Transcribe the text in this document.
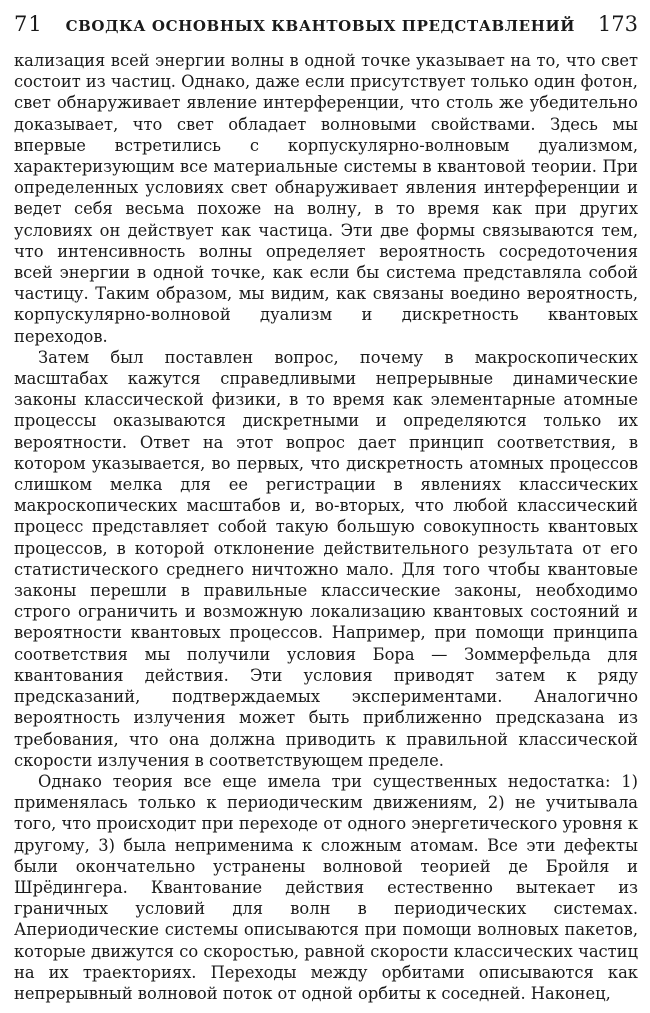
71 СВОДКА ОСНОВНЫХ КВАНТОВЫХ ПРЕДСТАВЛЕНИЙ 173

кализация всей энергии волны в одной точке указывает на то, что свет состоит из частиц. Однако, даже если присутствует только один фотон, свет обнаруживает явление интерференции, что столь же убедительно доказывает, что свет обладает волновыми свойствами. Здесь мы впервые встретились с корпускулярно-волновым дуализмом, характеризующим все материальные системы в квантовой теории. При определенных условиях свет обнаруживает явления интерференции и ведет себя весьма похоже на волну, в то время как при других условиях он действует как частица. Эти две формы связываются тем, что интенсивность волны определяет вероятность сосредоточения всей энергии в одной точке, как если бы система представляла собой частицу. Таким образом, мы видим, как связаны воедино вероятность, корпускулярно-волновой дуализм и дискретность квантовых переходов.

Затем был поставлен вопрос, почему в макроскопических масштабах кажутся справедливыми непрерывные динамические законы классической физики, в то время как элементарные атомные процессы оказываются дискретными и определяются только их вероятности. Ответ на этот вопрос дает принцип соответствия, в котором указывается, во первых, что дискретность атомных процессов слишком мелка для ее регистрации в явлениях классических макроскопических масштабов и, во-вторых, что любой классический процесс представляет собой такую большую совокупность квантовых процессов, в которой отклонение действительного результата от его статистического среднего ничтожно мало. Для того чтобы квантовые законы перешли в правильные классические законы, необходимо строго ограничить и возможную локализацию квантовых состояний и вероятности квантовых процессов. Например, при помощи принципа соответствия мы получили условия Бора — Зоммерфельда для квантования действия. Эти условия приводят затем к ряду предсказаний, подтверждаемых экспериментами. Аналогично вероятность излучения может быть приближенно предсказана из требования, что она должна приводить к правильной классической скорости излучения в соответствующем пределе.

Однако теория все еще имела три существенных недостатка: 1) применялась только к периодическим движениям, 2) не учитывала того, что происходит при переходе от одного энергетического уровня к другому, 3) была неприменима к сложным атомам. Все эти дефекты были окончательно устранены волновой теорией де Бройля и Шрёдингера. Квантование действия естественно вытекает из граничных условий для волн в периодических системах. Апериодические системы описываются при помощи волновых пакетов, которые движутся со скоростью, равной скорости классических частиц на их траекториях. Переходы между орбитами описываются как непрерывный волновой поток от одной орбиты к соседней. Наконец,
